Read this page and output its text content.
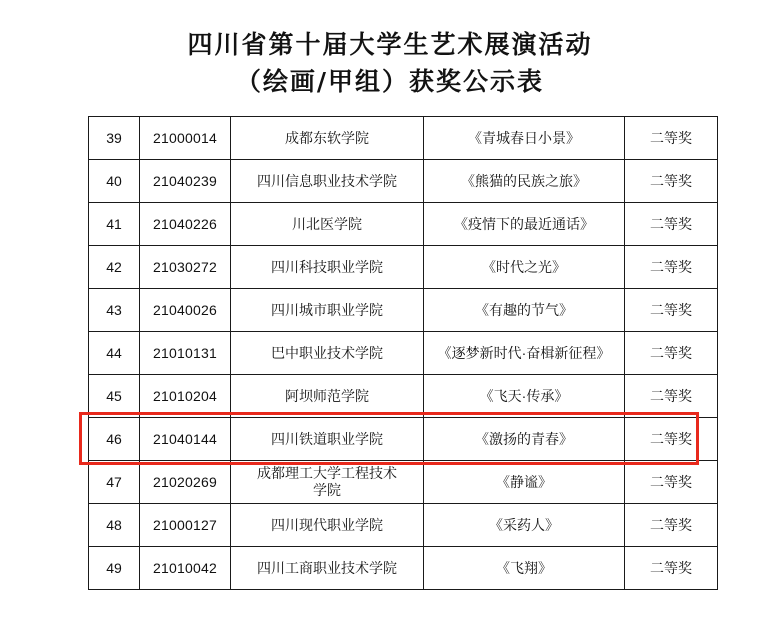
四川省第十届大学生艺术展演活动
（绘画/甲组）获奖公示表
39	21000014	成都东软学院	《青城春日小景》	二等奖
40	21040239	四川信息职业技术学院	《熊猫的民族之旅》	二等奖
41	21040226	川北医学院	《疫情下的最近通话》	二等奖
42	21030272	四川科技职业学院	《时代之光》	二等奖
43	21040026	四川城市职业学院	《有趣的节气》	二等奖
44	21010131	巴中职业技术学院	《逐梦新时代·奋楫新征程》	二等奖
45	21010204	阿坝师范学院	《飞天·传承》	二等奖
46	21040144	四川铁道职业学院	《激扬的青春》	二等奖
47	21020269	成都理工大学工程技术
学院	《静谧》	二等奖
48	21000127	四川现代职业学院	《采药人》	二等奖
49	21010042	四川工商职业技术学院	《飞翔》	二等奖
